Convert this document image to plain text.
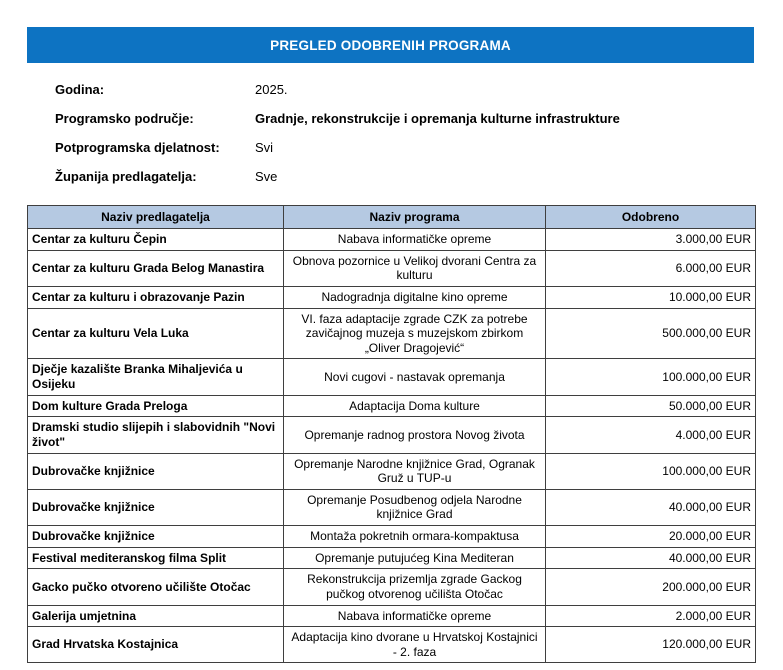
PREGLED ODOBRENIH PROGRAMA
Godina:	2025.
Programsko područje:	Gradnje, rekonstrukcije i opremanja kulturne infrastrukture
Potprogramska djelatnost:	Svi
Županija predlagatelja:	Sve
Naziv predlagatelja	Naziv programa	Odobreno
Centar za kulturu Čepin	Nabava informatičke opreme	3.000,00 EUR
Centar za kulturu Grada Belog Manastira	Obnova pozornice u Velikoj dvorani Centra za kulturu	6.000,00 EUR
Centar za kulturu i obrazovanje Pazin	Nadogradnja digitalne kino opreme	10.000,00 EUR
Centar za kulturu Vela Luka	VI. faza adaptacije zgrade CZK za potrebe zavičajnog muzeja s muzejskom zbirkom „Oliver Dragojević“	500.000,00 EUR
Dječje kazalište Branka Mihaljevića u Osijeku	Novi cugovi - nastavak opremanja	100.000,00 EUR
Dom kulture Grada Preloga	Adaptacija Doma kulture	50.000,00 EUR
Dramski studio slijepih i slabovidnih "Novi život"	Opremanje radnog prostora Novog života	4.000,00 EUR
Dubrovačke knjižnice	Opremanje Narodne knjižnice Grad, Ogranak Gruž u TUP-u	100.000,00 EUR
Dubrovačke knjižnice	Opremanje Posudbenog odjela Narodne knjižnice Grad	40.000,00 EUR
Dubrovačke knjižnice	Montaža pokretnih ormara-kompaktusa	20.000,00 EUR
Festival mediteranskog filma Split	Opremanje putujućeg Kina Mediteran	40.000,00 EUR
Gacko pučko otvoreno učilište Otočac	Rekonstrukcija prizemlja zgrade Gackog pučkog otvorenog učilišta Otočac	200.000,00 EUR
Galerija umjetnina	Nabava informatičke opreme	2.000,00 EUR
Grad Hrvatska Kostajnica	Adaptacija kino dvorane u Hrvatskoj Kostajnici - 2. faza	120.000,00 EUR
